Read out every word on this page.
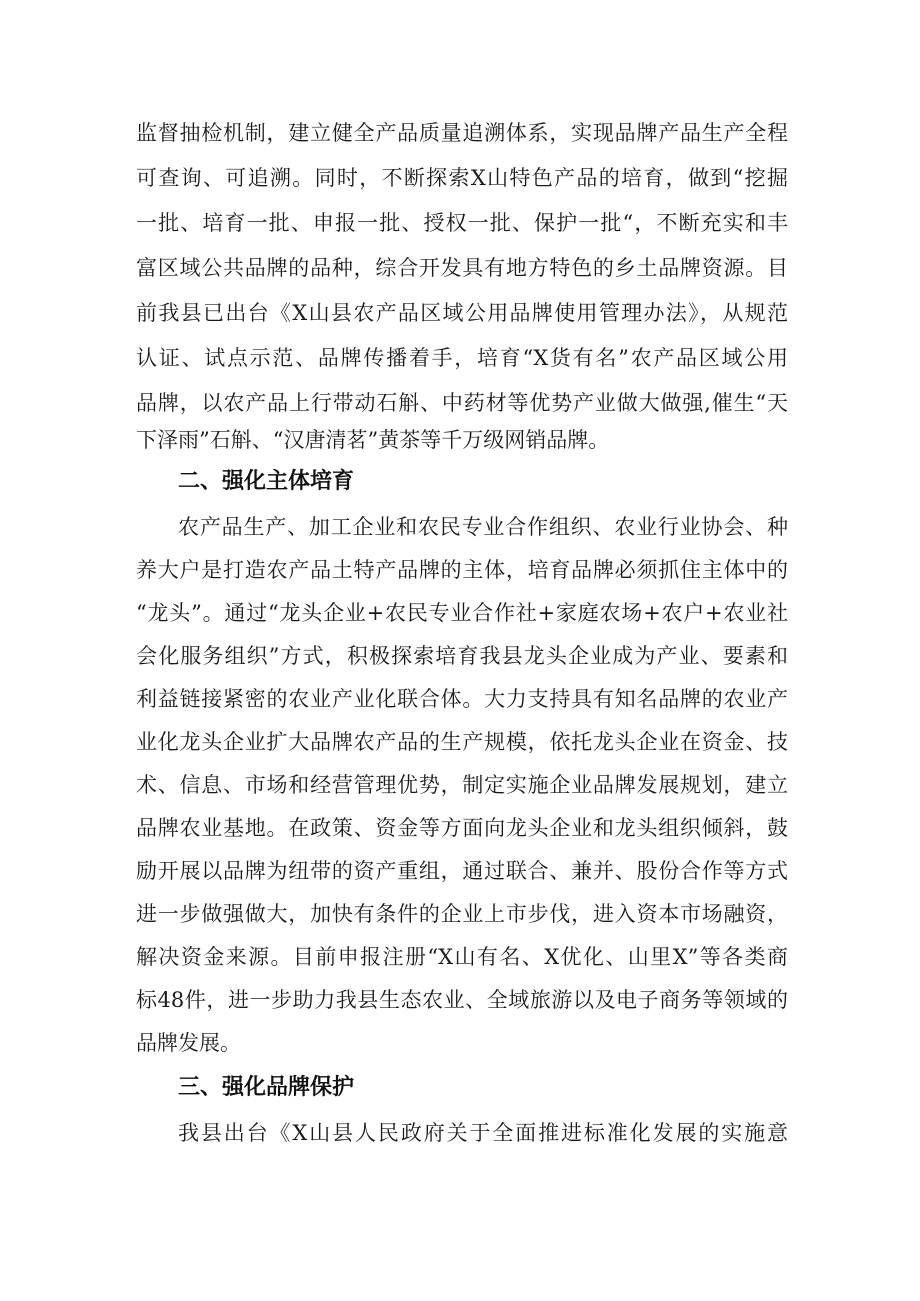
监督抽检机制，建立健全产品质量追溯体系，实现品牌产品生产全程

可查询、可追溯。同时，不断探索X山特色产品的培育，做到“挖掘

一批、培育一批、申报一批、授权一批、保护一批“，不断充实和丰

富区域公共品牌的品种，综合开发具有地方特色的乡土品牌资源。目

前我县已出台《X山县农产品区域公用品牌使用管理办法》，从规范

认证、试点示范、品牌传播着手，培育“X货有名”农产品区域公用

品牌，以农产品上行带动石斛、中药材等优势产业做大做强,催生“天

下泽雨”石斛、“汉唐清茗”黄茶等千万级网销品牌。

二、强化主体培育

农产品生产、加工企业和农民专业合作组织、农业行业协会、种

养大户是打造农产品土特产品牌的主体，培育品牌必须抓住主体中的

“龙头”。通过“龙头企业+农民专业合作社+家庭农场+农户+农业社

会化服务组织”方式，积极探索培育我县龙头企业成为产业、要素和

利益链接紧密的农业产业化联合体。大力支持具有知名品牌的农业产

业化龙头企业扩大品牌农产品的生产规模，依托龙头企业在资金、技

术、信息、市场和经营管理优势，制定实施企业品牌发展规划，建立

品牌农业基地。在政策、资金等方面向龙头企业和龙头组织倾斜，鼓

励开展以品牌为纽带的资产重组，通过联合、兼并、股份合作等方式

进一步做强做大，加快有条件的企业上市步伐，进入资本市场融资，

解决资金来源。目前申报注册“X山有名、X优化、山里X”等各类商

标48件，进一步助力我县生态农业、全域旅游以及电子商务等领域的

品牌发展。

三、强化品牌保护

我县出台《X山县人民政府关于全面推进标准化发展的实施意
